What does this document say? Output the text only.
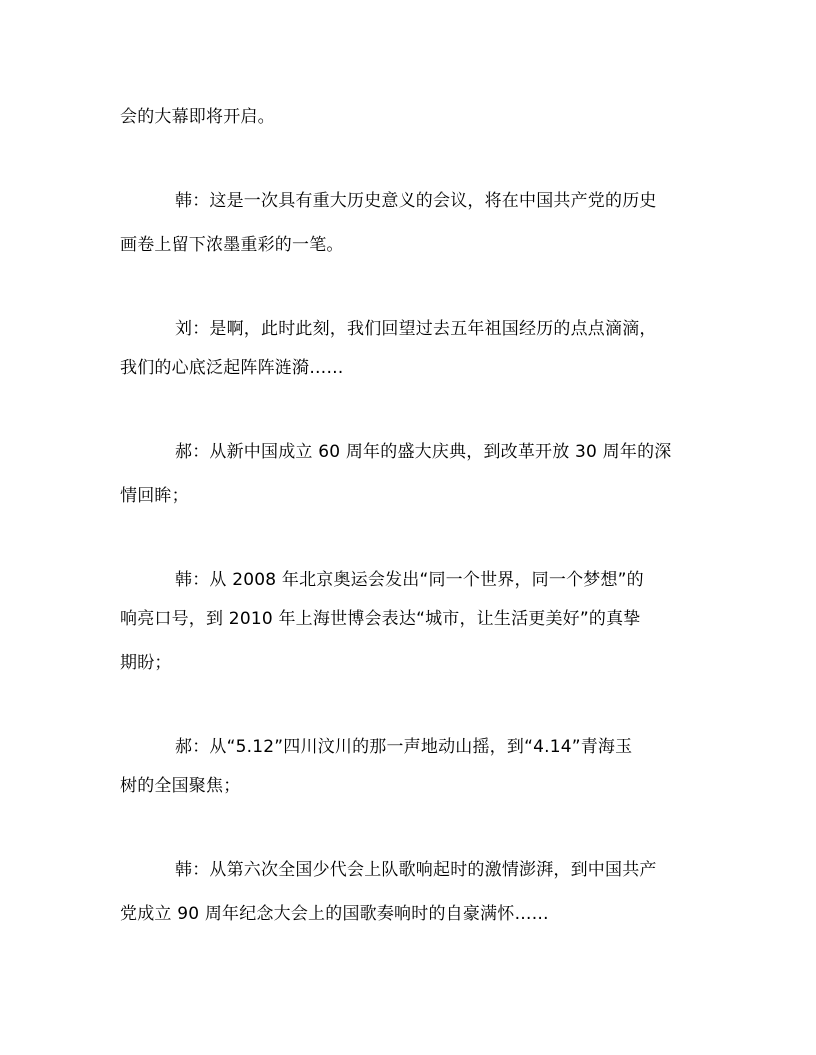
会的大幕即将开启。
韩：这是一次具有重大历史意义的会议，将在中国共产党的历史
画卷上留下浓墨重彩的一笔。
刘：是啊，此时此刻，我们回望过去五年祖国经历的点点滴滴，
我们的心底泛起阵阵涟漪……
郝：从新中国成立 60 周年的盛大庆典，到改革开放 30 周年的深
情回眸；
韩：从 2008 年北京奥运会发出“同一个世界，同一个梦想”的
响亮口号，到 2010 年上海世博会表达“城市，让生活更美好”的真挚
期盼；
郝：从“5.12”四川汶川的那一声地动山摇，到“4.14”青海玉
树的全国聚焦；
韩：从第六次全国少代会上队歌响起时的激情澎湃，到中国共产
党成立 90 周年纪念大会上的国歌奏响时的自豪满怀……
